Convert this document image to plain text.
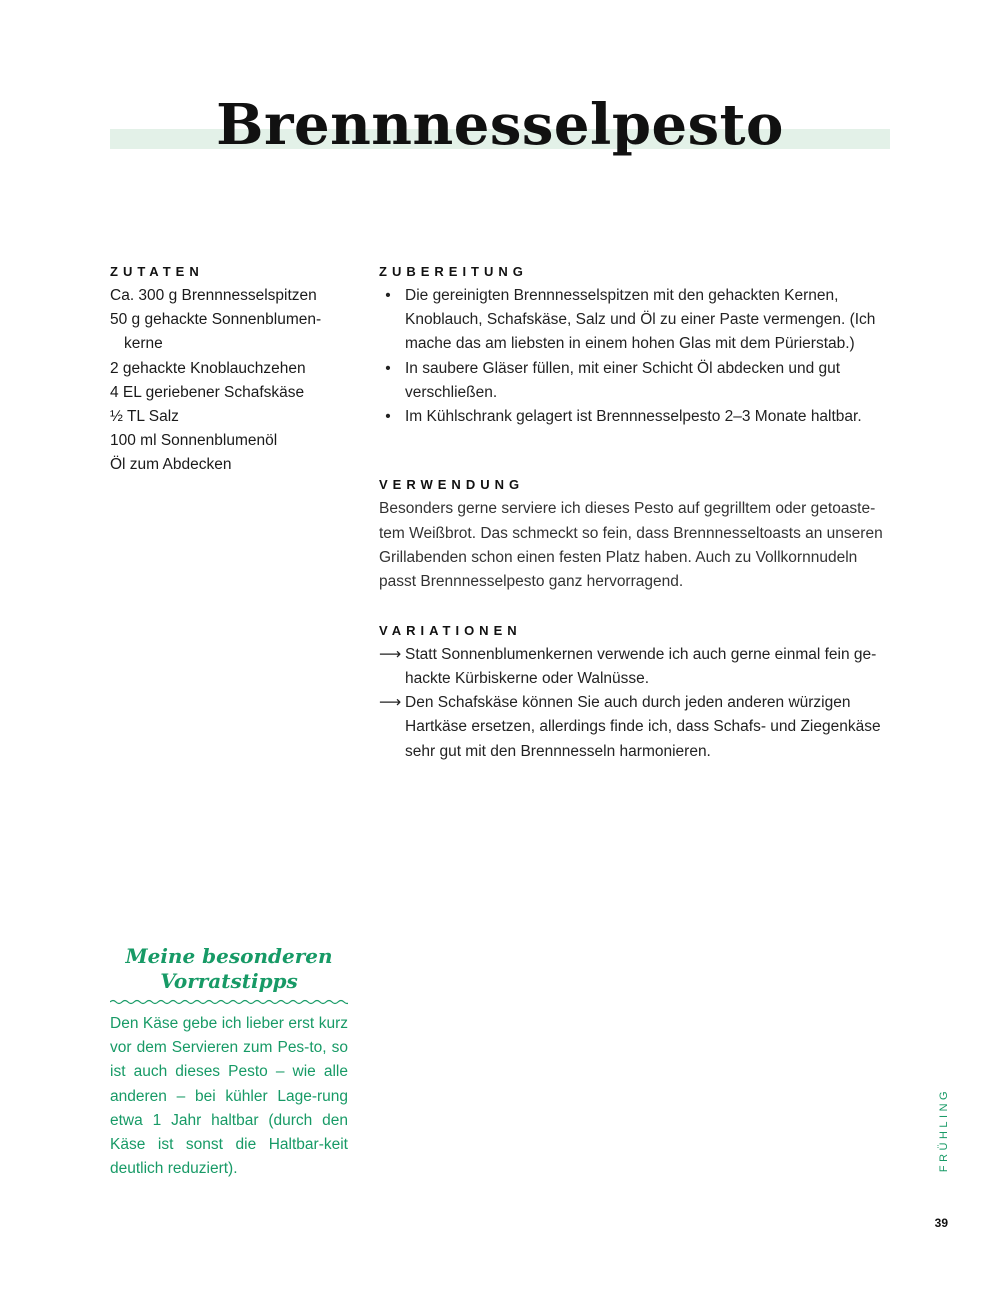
Brennnesselpesto
ZUTATEN
Ca. 300 g Brennnesselspitzen
50 g gehackte Sonnenblumen-kerne
2 gehackte Knoblauchzehen
4 EL geriebener Schafskäse
½ TL Salz
100 ml Sonnenblumenöl
Öl zum Abdecken
ZUBEREITUNG
• Die gereinigten Brennnesselspitzen mit den gehackten Kernen, Knoblauch, Schafskäse, Salz und Öl zu einer Paste vermengen. (Ich mache das am liebsten in einem hohen Glas mit dem Pürierstab.)
• In saubere Gläser füllen, mit einer Schicht Öl abdecken und gut verschließen.
• Im Kühlschrank gelagert ist Brennnesselpesto 2–3 Monate haltbar.
VERWENDUNG

Besonders gerne serviere ich dieses Pesto auf gegrilltem oder getoaste-tem Weißbrot. Das schmeckt so fein, dass Brennnesseltoasts an unseren Grillabenden schon einen festen Platz haben. Auch zu Vollkornnudeln passt Brennnesselpesto ganz hervorragend.

VARIATIONEN
⟶ Statt Sonnenblumenkernen verwende ich auch gerne einmal fein ge-hackte Kürbiskerne oder Walnüsse.
⟶ Den Schafskäse können Sie auch durch jeden anderen würzigen Hartkäse ersetzen, allerdings finde ich, dass Schafs- und Ziegenkäse sehr gut mit den Brennnesseln harmonieren.
Meine besonderen
Vorratstipps

Den Käse gebe ich lieber erst kurz vor dem Servieren zum Pes-to, so ist auch dieses Pesto – wie alle anderen – bei kühler Lage-rung etwa 1 Jahr haltbar (durch den Käse ist sonst die Haltbar-keit deutlich reduziert).	FRÜHLING
39
